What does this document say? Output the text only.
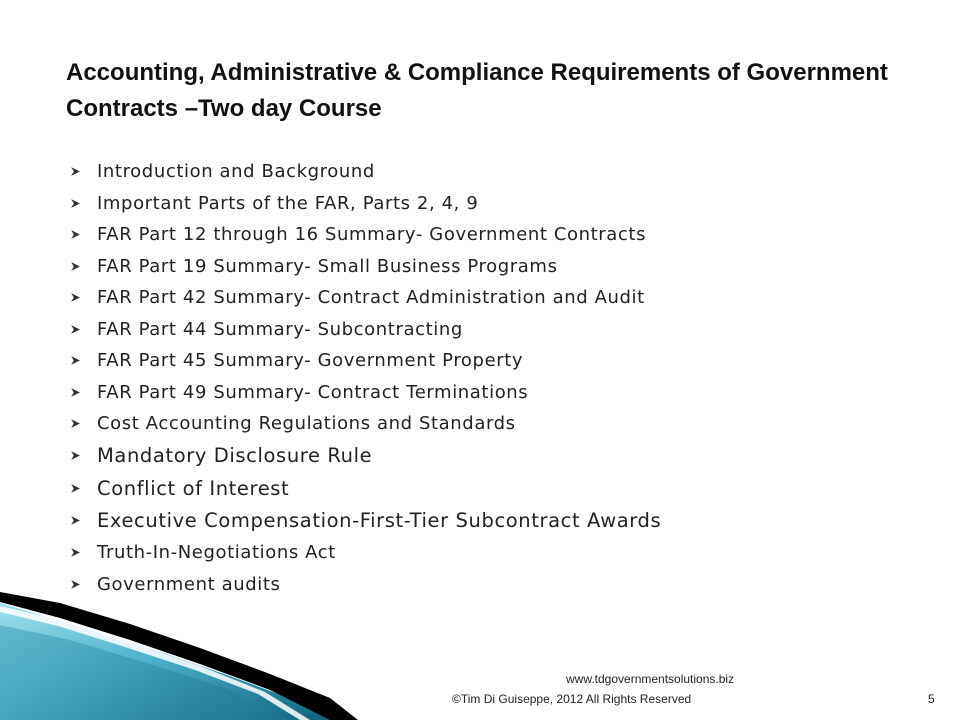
Accounting, Administrative & Compliance Requirements of Government Contracts –Two day Course
Introduction and Background
Important Parts of the FAR, Parts 2, 4, 9
FAR Part 12 through 16 Summary- Government Contracts
FAR Part 19 Summary- Small Business Programs
FAR Part 42 Summary- Contract Administration and Audit
FAR Part 44 Summary- Subcontracting
FAR Part 45 Summary- Government Property
FAR Part 49 Summary- Contract Terminations
Cost Accounting Regulations and Standards
Mandatory Disclosure Rule
Conflict of Interest
Executive Compensation-First-Tier Subcontract Awards
Truth-In-Negotiations Act
Government audits
www.tdgovernmentsolutions.biz
©Tim Di Guiseppe, 2012 All Rights Reserved	5
